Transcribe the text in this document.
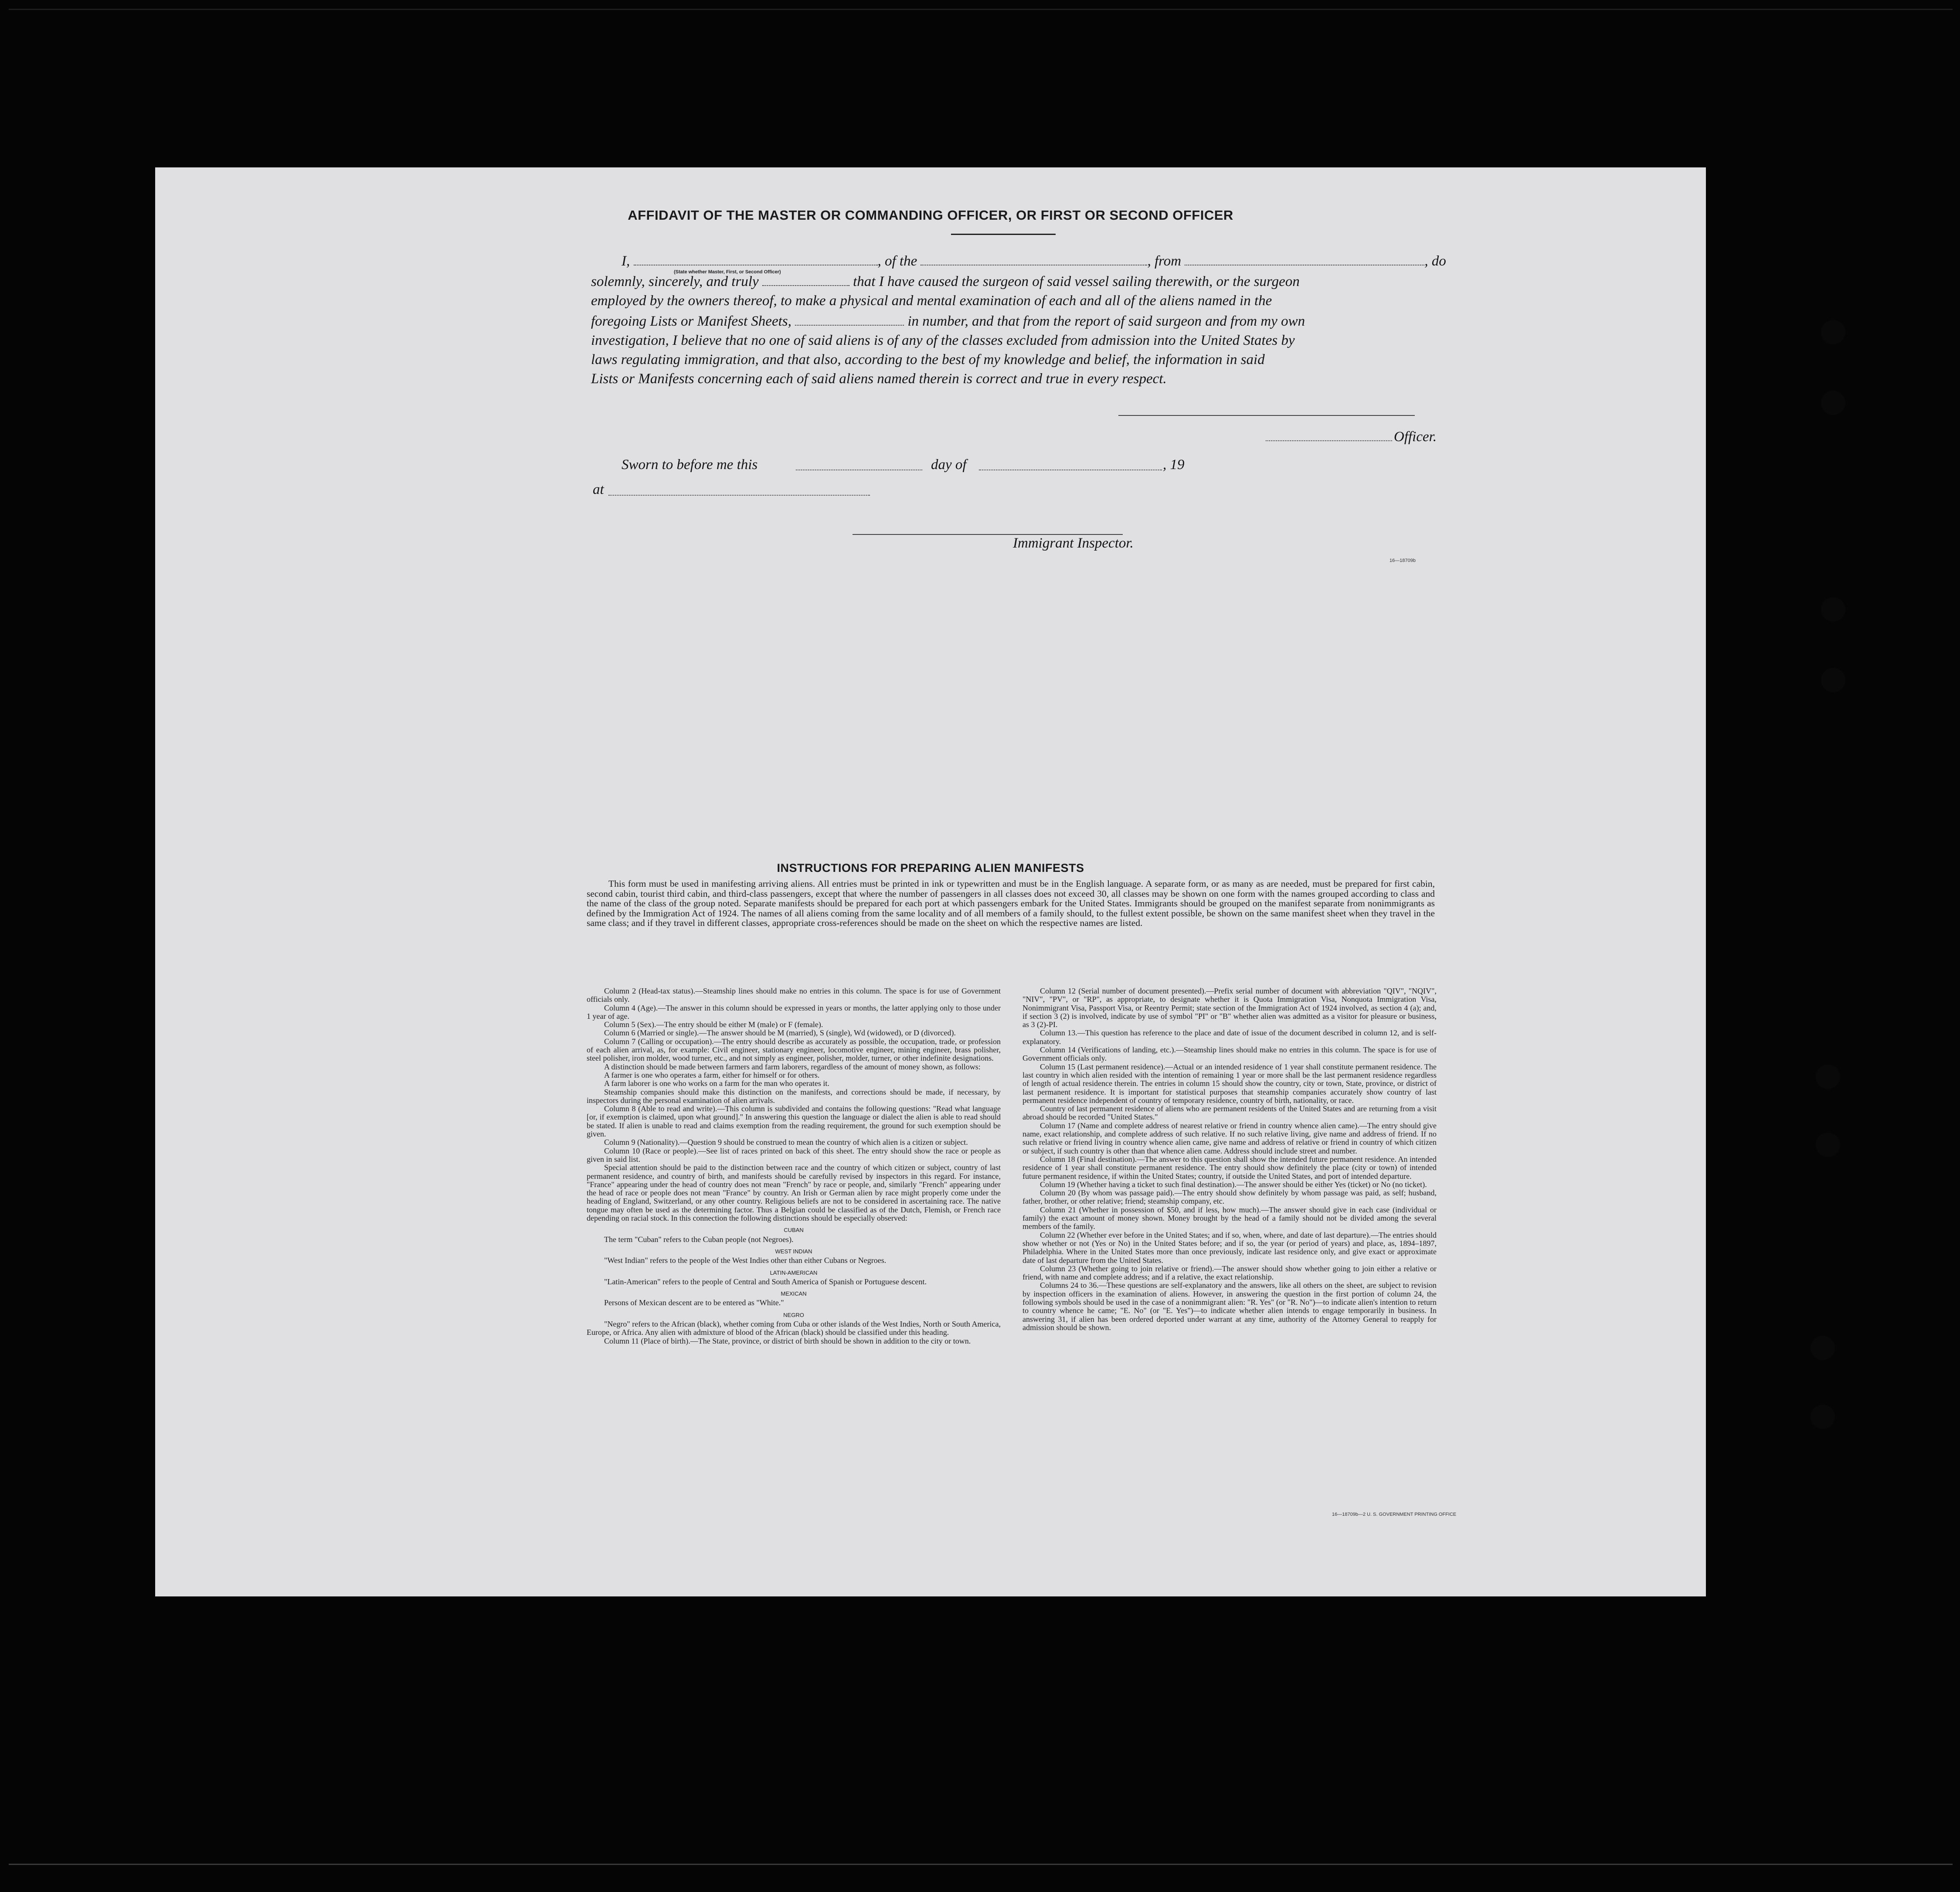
AFFIDAVIT OF THE MASTER OR COMMANDING OFFICER, OR FIRST OR SECOND OFFICER

I,	, of the	, from	, do
(State whether Master, First, or Second Officer)

solemnly, sincerely, and truly	that I have caused the surgeon of said vessel sailing therewith, or the surgeon

employed by the owners thereof, to make a physical and mental examination of each and all of the aliens named in the

foregoing Lists or Manifest Sheets,	in number, and that from the report of said surgeon and from my own

investigation, I believe that no one of said aliens is of any of the classes excluded from admission into the United States by

laws regulating immigration, and that also, according to the best of my knowledge and belief, the information in said

Lists or Manifests concerning each of said aliens named therein is correct and true in every respect.

Officer.
Sworn to before me this	day of	, 19
at
Immigrant Inspector.
16—18709b
INSTRUCTIONS FOR PREPARING ALIEN MANIFESTS

This form must be used in manifesting arriving aliens. All entries must be printed in ink or typewritten and must be in the English language. A separate form, or as many as are needed, must be prepared for first cabin, second cabin, tourist third cabin, and third-class passengers, except that where the number of passengers in all classes does not exceed 30, all classes may be shown on one form with the names grouped according to class and the name of the class of the group noted. Separate manifests should be prepared for each port at which passengers embark for the United States. Immigrants should be grouped on the manifest separate from nonimmigrants as defined by the Immigration Act of 1924. The names of all aliens coming from the same locality and of all members of a family should, to the fullest extent possible, be shown on the same manifest sheet when they travel in the same class; and if they travel in different classes, appropriate cross-references should be made on the sheet on which the respective names are listed.

Column 2 (Head-tax status).—Steamship lines should make no entries in this column. The space is for use of Government officials only.

Column 4 (Age).—The answer in this column should be expressed in years or months, the latter applying only to those under 1 year of age.

Column 5 (Sex).—The entry should be either M (male) or F (female).

Column 6 (Married or single).—The answer should be M (married), S (single), Wd (widowed), or D (divorced).

Column 7 (Calling or occupation).—The entry should describe as accurately as possible, the occupation, trade, or profession of each alien arrival, as, for example: Civil engineer, stationary engineer, locomotive engineer, mining engineer, brass polisher, steel polisher, iron molder, wood turner, etc., and not simply as engineer, polisher, molder, turner, or other indefinite designations.

A distinction should be made between farmers and farm laborers, regardless of the amount of money shown, as follows:

A farmer is one who operates a farm, either for himself or for others.

A farm laborer is one who works on a farm for the man who operates it.

Steamship companies should make this distinction on the manifests, and corrections should be made, if necessary, by inspectors during the personal examination of alien arrivals.

Column 8 (Able to read and write).—This column is subdivided and contains the following questions: "Read what language [or, if exemption is claimed, upon what ground]." In answering this question the language or dialect the alien is able to read should be stated. If alien is unable to read and claims exemption from the reading requirement, the ground for such exemption should be given.

Column 9 (Nationality).—Question 9 should be construed to mean the country of which alien is a citizen or subject.

Column 10 (Race or people).—See list of races printed on back of this sheet. The entry should show the race or people as given in said list.

Special attention should be paid to the distinction between race and the country of which citizen or subject, country of last permanent residence, and country of birth, and manifests should be carefully revised by inspectors in this regard. For instance, "France" appearing under the head of country does not mean "French" by race or people, and, similarly "French" appearing under the head of race or people does not mean "France" by country. An Irish or German alien by race might properly come under the heading of England, Switzerland, or any other country. Religious beliefs are not to be considered in ascertaining race. The native tongue may often be used as the determining factor. Thus a Belgian could be classified as of the Dutch, Flemish, or French race depending on racial stock. In this connection the following distinctions should be especially observed:

CUBAN

The term "Cuban" refers to the Cuban people (not Negroes).

WEST INDIAN

"West Indian" refers to the people of the West Indies other than either Cubans or Negroes.

LATIN-AMERICAN

"Latin-American" refers to the people of Central and South America of Spanish or Portuguese descent.

MEXICAN

Persons of Mexican descent are to be entered as "White."

NEGRO

"Negro" refers to the African (black), whether coming from Cuba or other islands of the West Indies, North or South America, Europe, or Africa. Any alien with admixture of blood of the African (black) should be classified under this heading.

Column 11 (Place of birth).—The State, province, or district of birth should be shown in addition to the city or town.

Column 12 (Serial number of document presented).—Prefix serial number of document with abbreviation "QIV", "NQIV", "NIV", "PV", or "RP", as appropriate, to designate whether it is Quota Immigration Visa, Nonquota Immigration Visa, Nonimmigrant Visa, Passport Visa, or Reentry Permit; state section of the Immigration Act of 1924 involved, as section 4 (a); and, if section 3 (2) is involved, indicate by use of symbol "PI" or "B" whether alien was admitted as a visitor for pleasure or business, as 3 (2)-PI.

Column 13.—This question has reference to the place and date of issue of the document described in column 12, and is self-explanatory.

Column 14 (Verifications of landing, etc.).—Steamship lines should make no entries in this column. The space is for use of Government officials only.

Column 15 (Last permanent residence).—Actual or an intended residence of 1 year shall constitute permanent residence. The last country in which alien resided with the intention of remaining 1 year or more shall be the last permanent residence regardless of length of actual residence therein. The entries in column 15 should show the country, city or town, State, province, or district of last permanent residence. It is important for statistical purposes that steamship companies accurately show country of last permanent residence independent of country of temporary residence, country of birth, nationality, or race.

Country of last permanent residence of aliens who are permanent residents of the United States and are returning from a visit abroad should be recorded "United States."

Column 17 (Name and complete address of nearest relative or friend in country whence alien came).—The entry should give name, exact relationship, and complete address of such relative. If no such relative living, give name and address of friend. If no such relative or friend living in country whence alien came, give name and address of relative or friend in country of which citizen or subject, if such country is other than that whence alien came. Address should include street and number.

Column 18 (Final destination).—The answer to this question shall show the intended future permanent residence. An intended residence of 1 year shall constitute permanent residence. The entry should show definitely the place (city or town) of intended future permanent residence, if within the United States; country, if outside the United States, and port of intended departure.

Column 19 (Whether having a ticket to such final destination).—The answer should be either Yes (ticket) or No (no ticket).

Column 20 (By whom was passage paid).—The entry should show definitely by whom passage was paid, as self; husband, father, brother, or other relative; friend; steamship company, etc.

Column 21 (Whether in possession of $50, and if less, how much).—The answer should give in each case (individual or family) the exact amount of money shown. Money brought by the head of a family should not be divided among the several members of the family.

Column 22 (Whether ever before in the United States; and if so, when, where, and date of last departure).—The entries should show whether or not (Yes or No) in the United States before; and if so, the year (or period of years) and place, as, 1894–1897, Philadelphia. Where in the United States more than once previously, indicate last residence only, and give exact or approximate date of last departure from the United States.

Column 23 (Whether going to join relative or friend).—The answer should show whether going to join either a relative or friend, with name and complete address; and if a relative, the exact relationship.

Columns 24 to 36.—These questions are self-explanatory and the answers, like all others on the sheet, are subject to revision by inspection officers in the examination of aliens. However, in answering the question in the first portion of column 24, the following symbols should be used in the case of a nonimmigrant alien: "R. Yes" (or "R. No")—to indicate alien's intention to return to country whence he came; "E. No" (or "E. Yes")—to indicate whether alien intends to engage temporarily in business. In answering 31, if alien has been ordered deported under warrant at any time, authority of the Attorney General to reapply for admission should be shown.

16—18709b—2 U. S. GOVERNMENT PRINTING OFFICE
